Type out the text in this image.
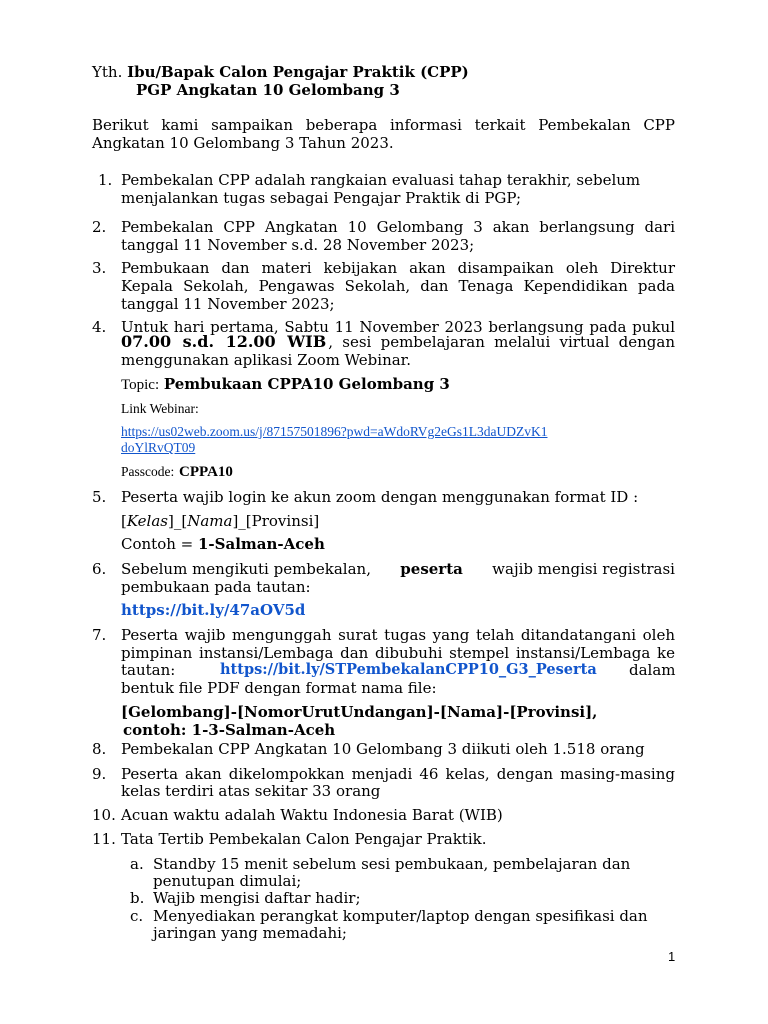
Yth. Ibu/Bapak Calon Pengajar Praktik (CPP)
PGP Angkatan 10 Gelombang 3
Berikut kami sampaikan beberapa informasi terkait Pembekalan CPP
Angkatan 10 Gelombang 3 Tahun 2023.
1. Pembekalan CPP adalah rangkaian evaluasi tahap terakhir, sebelum
menjalankan tugas sebagai Pengajar Praktik di PGP;
2. Pembekalan CPP Angkatan 10 Gelombang 3 akan berlangsung dari
tanggal 11 November s.d. 28 November 2023;
3. Pembukaan dan materi kebijakan akan disampaikan oleh Direktur
Kepala Sekolah, Pengawas Sekolah, dan Tenaga Kependidikan pada
tanggal 11 November 2023;
4. Untuk hari pertama, Sabtu 11 November 2023 berlangsung pada pukul
07.00 s.d. 12.00 WIB , sesi pembelajaran melalui virtual dengan
menggunakan aplikasi Zoom Webinar.
Topic: Pembukaan CPPA10 Gelombang 3
Link Webinar:
https://us02web.zoom.us/j/87157501896?pwd=aWdoRVg2eGs1L3daUDZvK1
doYlRvQT09
Passcode: CPPA10
5. Peserta wajib login ke akun zoom dengan menggunakan format ID :
[Kelas]_[Nama]_[Provinsi]
Contoh = 1-Salman-Aceh
6. Sebelum mengikuti pembekalan, peserta wajib mengisi registrasi
pembukaan pada tautan:
https://bit.ly/47aOV5d
7. Peserta wajib mengunggah surat tugas yang telah ditandatangani oleh
pimpinan instansi/Lembaga dan dibubuhi stempel instansi/Lembaga ke
tautan:	https://bit.ly/STPembekalanCPP10_G3_Peserta dalam
bentuk file PDF dengan format nama file:
[Gelombang]-[NomorUrutUndangan]-[Nama]-[Provinsi],
contoh: 1-3-Salman-Aceh
8. Pembekalan CPP Angkatan 10 Gelombang 3 diikuti oleh 1.518 orang
9. Peserta akan dikelompokkan menjadi 46 kelas, dengan masing-masing
kelas terdiri atas sekitar 33 orang
10. Acuan waktu adalah Waktu Indonesia Barat (WIB)
11. Tata Tertib Pembekalan Calon Pengajar Praktik.
a. Standby 15 menit sebelum sesi pembukaan, pembelajaran dan
penutupan dimulai;
b. Wajib mengisi daftar hadir;
c. Menyediakan perangkat komputer/laptop dengan spesifikasi dan
jaringan yang memadahi;
1
